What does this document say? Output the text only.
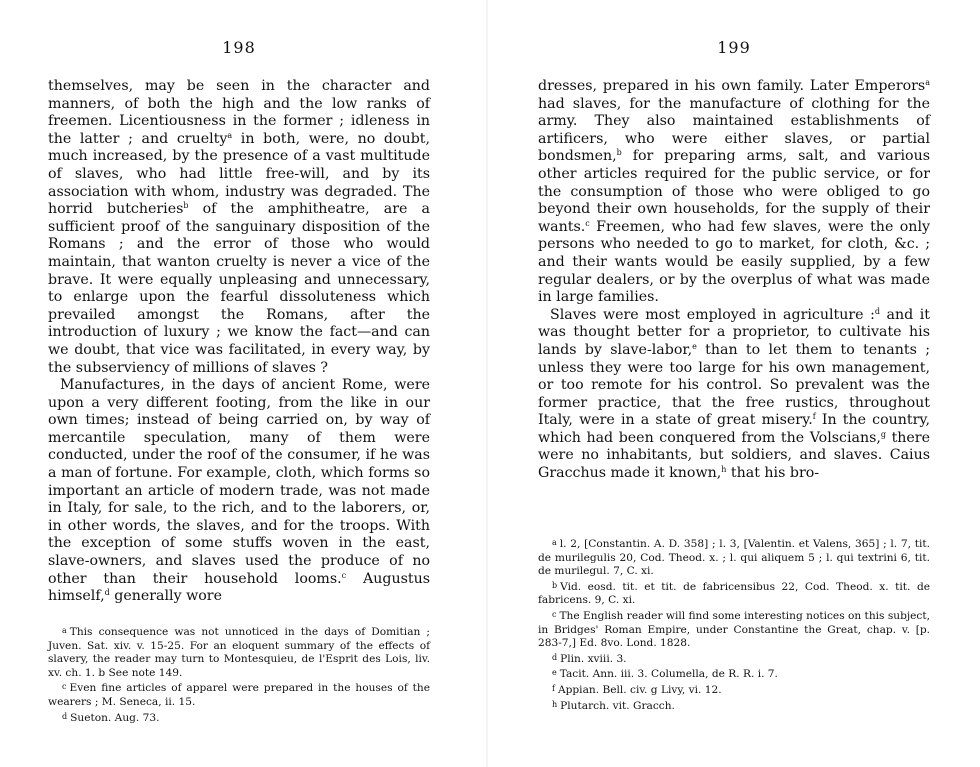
198

themselves, may be seen in the character and manners, of both the high and the low ranks of freemen. Licentiousness in the former ; idleness in the latter ; and cruelty$^a$ in both, were, no doubt, much increased, by the presence of a vast multitude of slaves, who had little free-will, and by its association with whom, industry was degraded. The horrid butcheries$^b$ of the amphitheatre, are a sufficient proof of the sanguinary disposition of the Romans ; and the error of those who would maintain, that wanton cruelty is never a vice of the brave. It were equally unpleasing and unnecessary, to enlarge upon the fearful dissoluteness which prevailed amongst the Romans, after the introduction of luxury ; we know the fact—and can we doubt, that vice was facilitated, in every way, by the subserviency of millions of slaves ?

Manufactures, in the days of ancient Rome, were upon a very different footing, from the like in our own times; instead of being carried on, by way of mercantile speculation, many of them were conducted, under the roof of the consumer, if he was a man of fortune. For example, cloth, which forms so important an article of modern trade, was not made in Italy, for sale, to the rich, and to the laborers, or, in other words, the slaves, and for the troops. With the exception of some stuffs woven in the east, slave-owners, and slaves used the produce of no other than their household looms.$^c$ Augustus himself,$^d$ generally wore

a This consequence was not unnoticed in the days of Domitian ; Juven. Sat. xiv. v. 15-25. For an eloquent summary of the effects of slavery, the reader may turn to Montesquieu, de l'Esprit des Lois, liv. xv. ch. 1. b See note 149.

c Even fine articles of apparel were prepared in the houses of the wearers ; M. Seneca, ii. 15.

d Sueton. Aug. 73.

199

dresses, prepared in his own family. Later Emperors$^a$ had slaves, for the manufacture of clothing for the army. They also maintained establishments of artificers, who were either slaves, or partial bondsmen,$^b$ for preparing arms, salt, and various other articles required for the public service, or for the consumption of those who were obliged to go beyond their own households, for the supply of their wants.$^c$ Freemen, who had few slaves, were the only persons who needed to go to market, for cloth, &c. ; and their wants would be easily supplied, by a few regular dealers, or by the overplus of what was made in large families.

Slaves were most employed in agriculture :$^d$ and it was thought better for a proprietor, to cultivate his lands by slave-labor,$^e$ than to let them to tenants ; unless they were too large for his own management, or too remote for his control. So prevalent was the former practice, that the free rustics, throughout Italy, were in a state of great misery.$^f$ In the country, which had been conquered from the Volscians,$^g$ there were no inhabitants, but soldiers, and slaves. Caius Gracchus made it known,$^h$ that his bro-

a l. 2, [Constantin. A. D. 358] ; l. 3, [Valentin. et Valens, 365] ; l. 7, tit. de murilegulis 20, Cod. Theod. x. ; l. qui aliquem 5 ; l. qui textrini 6, tit. de murilegul. 7, C. xi.

b Vid. eosd. tit. et tit. de fabricensibus 22, Cod. Theod. x. tit. de fabricens. 9, C. xi.

c The English reader will find some interesting notices on this subject, in Bridges' Roman Empire, under Constantine the Great, chap. v. [p. 283-7,] Ed. 8vo. Lond. 1828.

d Plin. xviii. 3.

e Tacit. Ann. iii. 3. Columella, de R. R. i. 7.

f Appian. Bell. civ. g Livy, vi. 12.

h Plutarch. vit. Gracch.
